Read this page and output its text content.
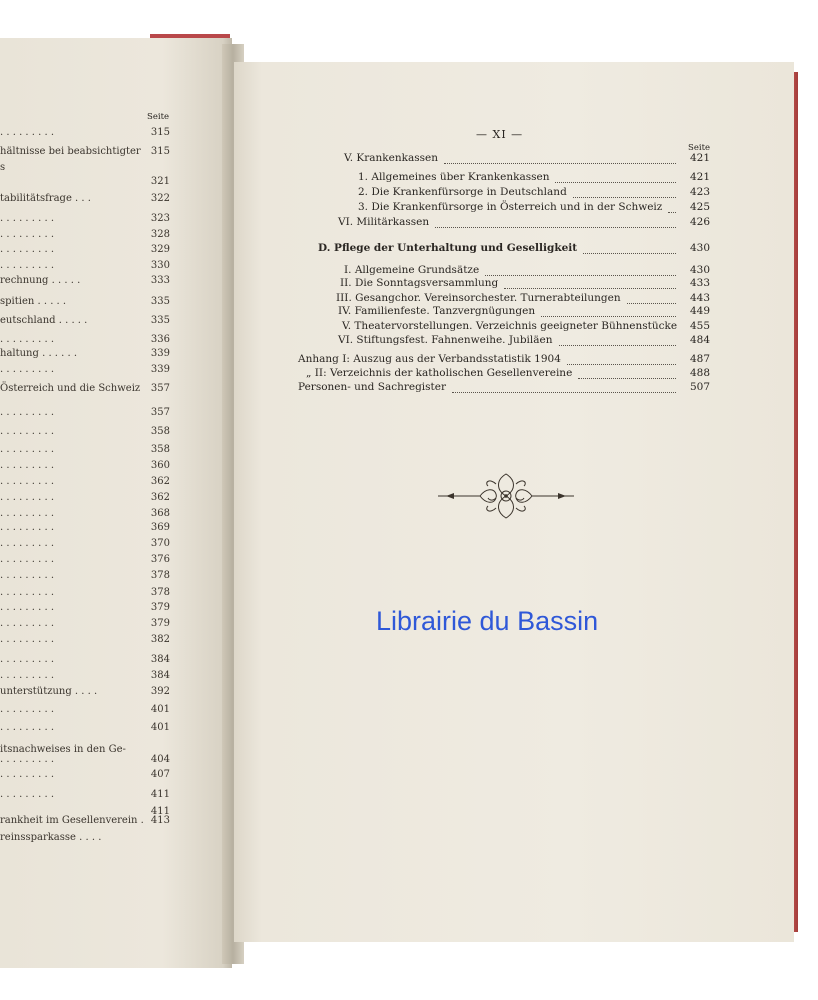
Seite
. . . . . . . . .	315
hältnisse bei beabsichtigter	315
s
321
tabilitätsfrage . . .	322
. . . . . . . . .	323
. . . . . . . . .	328
. . . . . . . . .	329
. . . . . . . . .	330
rechnung . . . . .	333
spitien . . . . .	335
eutschland . . . . .	335
. . . . . . . . .	336
haltung . . . . . .	339
. . . . . . . . .	339
Österreich und die Schweiz	357
. . . . . . . . .	357
. . . . . . . . .	358
. . . . . . . . .	358
. . . . . . . . .	360
. . . . . . . . .	362
. . . . . . . . .	362
. . . . . . . . .	368
. . . . . . . . .	369
. . . . . . . . .	370
. . . . . . . . .	376
. . . . . . . . .	378
. . . . . . . . .	378
. . . . . . . . .	379
. . . . . . . . .	379
. . . . . . . . .	382
. . . . . . . . .	384
. . . . . . . . .	384
unterstützung . . . .	392
. . . . . . . . .	401
. . . . . . . . .	401
itsnachweises in den Ge-
. . . . . . . . .	404
. . . . . . . . .	407
. . . . . . . . .	411
411
rankheit im Gesellenverein . 413
reinssparkasse . . . .
— XI —
Seite
V. Krankenkassen	421
1. Allgemeines über Krankenkassen	421
2. Die Krankenfürsorge in Deutschland	423
3. Die Krankenfürsorge in Österreich und in der Schweiz	425
VI. Militärkassen	426
D. Pflege der Unterhaltung und Geselligkeit	430
I. Allgemeine Grundsätze	430
II. Die Sonntagsversammlung	433
III. Gesangchor. Vereinsorchester. Turnerabteilungen	443
IV. Familienfeste. Tanzvergnügungen	449
V. Theatervorstellungen. Verzeichnis geeigneter Bühnenstücke	455
VI. Stiftungsfest. Fahnenweihe. Jubiläen	484
Anhang I: Auszug aus der Verbandsstatistik 1904	487
„ II: Verzeichnis der katholischen Gesellenvereine	488
Personen- und Sachregister	507
Librairie du Bassin
